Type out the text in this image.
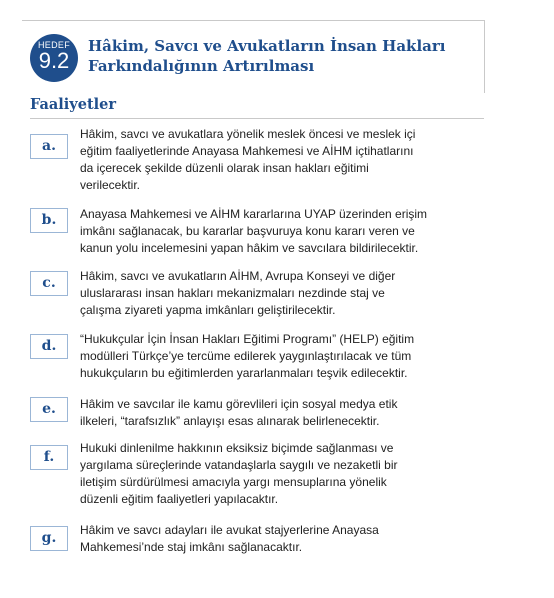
HEDEF
9.2
Hâkim, Savcı ve Avukatların İnsan Hakları
Farkındalığının Artırılması
Faaliyetler
a.
Hâkim, savcı ve avukatlara yönelik meslek öncesi ve meslek içi
eğitim faaliyetlerinde Anayasa Mahkemesi ve AİHM içtihatlarını
da içerecek şekilde düzenli olarak insan hakları eğitimi
verilecektir.
b.	Anayasa Mahkemesi ve AİHM kararlarına UYAP üzerinden erişim
imkânı sağlanacak, bu kararlar başvuruya konu kararı veren ve
kanun yolu incelemesini yapan hâkim ve savcılara bildirilecektir.
c.	Hâkim, savcı ve avukatların AİHM, Avrupa Konseyi ve diğer
uluslararası insan hakları mekanizmaları nezdinde staj ve
çalışma ziyareti yapma imkânları geliştirilecektir.
d.	“Hukukçular İçin İnsan Hakları Eğitimi Programı” (HELP) eğitim
modülleri Türkçe’ye tercüme edilerek yaygınlaştırılacak ve tüm
hukukçuların bu eğitimlerden yararlanmaları teşvik edilecektir.
e.	Hâkim ve savcılar ile kamu görevlileri için sosyal medya etik
ilkeleri, “tarafsızlık” anlayışı esas alınarak belirlenecektir.
f.
Hukuki dinlenilme hakkının eksiksiz biçimde sağlanması ve
yargılama süreçlerinde vatandaşlarla saygılı ve nezaketli bir
iletişim sürdürülmesi amacıyla yargı mensuplarına yönelik
düzenli eğitim faaliyetleri yapılacaktır.
g.	Hâkim ve savcı adayları ile avukat stajyerlerine Anayasa
Mahkemesi’nde staj imkânı sağlanacaktır.
